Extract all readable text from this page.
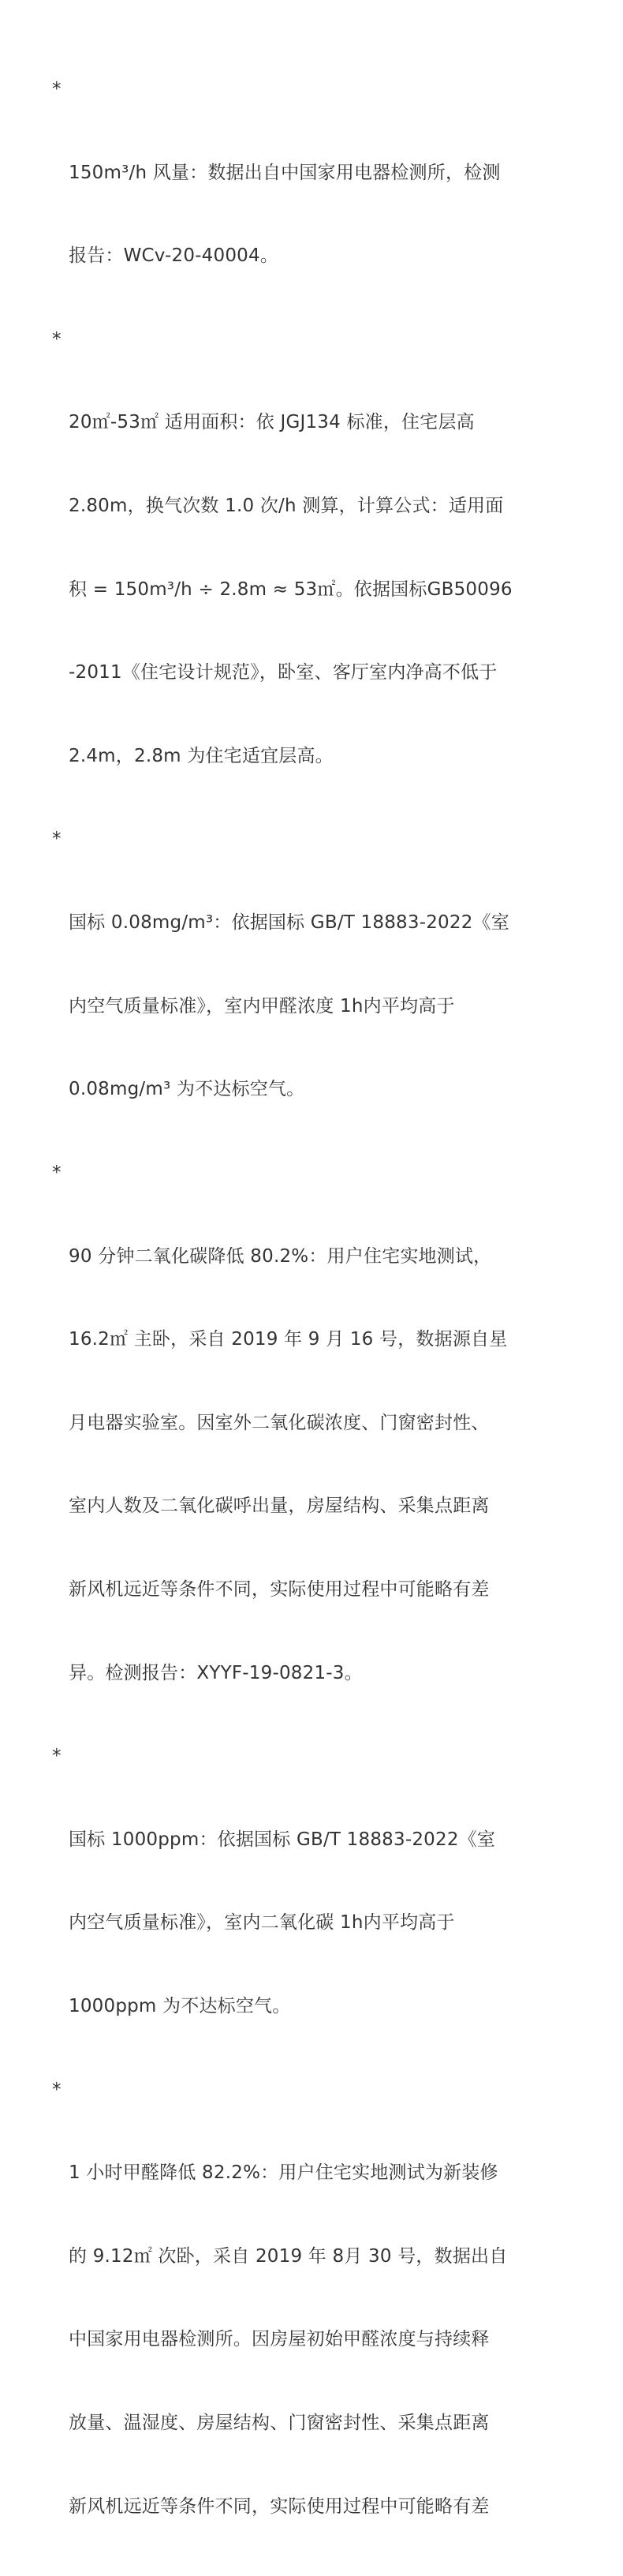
*

150m³/h 风量：数据出自中国家用电器检测所，检测

报告：WCv-20-40004。

*

20㎡-53㎡ 适用面积：依 JGJ134 标准，住宅层高

2.80m，换气次数 1.0 次/h 测算，计算公式：适用面

积 = 150m³/h ÷ 2.8m ≈ 53㎡。依据国标GB50096

-2011《住宅设计规范》，卧室、客厅室内净高不低于

2.4m，2.8m 为住宅适宜层高。

*

国标 0.08mg/m³：依据国标 GB/T 18883-2022《室

内空气质量标准》，室内甲醛浓度 1h内平均高于

0.08mg/m³ 为不达标空气。

*

90 分钟二氧化碳降低 80.2%：用户住宅实地测试，

16.2㎡ 主卧，采自 2019 年 9 月 16 号，数据源自星

月电器实验室。因室外二氧化碳浓度、门窗密封性、

室内人数及二氧化碳呼出量，房屋结构、采集点距离

新风机远近等条件不同，实际使用过程中可能略有差

异。检测报告：XYYF-19-0821-3。

*

国标 1000ppm：依据国标 GB/T 18883-2022《室

内空气质量标准》，室内二氧化碳 1h内平均高于

1000ppm 为不达标空气。

*

1 小时甲醛降低 82.2%：用户住宅实地测试为新装修

的 9.12㎡ 次卧，采自 2019 年 8月 30 号，数据出自

中国家用电器检测所。因房屋初始甲醛浓度与持续释

放量、温湿度、房屋结构、门窗密封性、采集点距离

新风机远近等条件不同，实际使用过程中可能略有差
